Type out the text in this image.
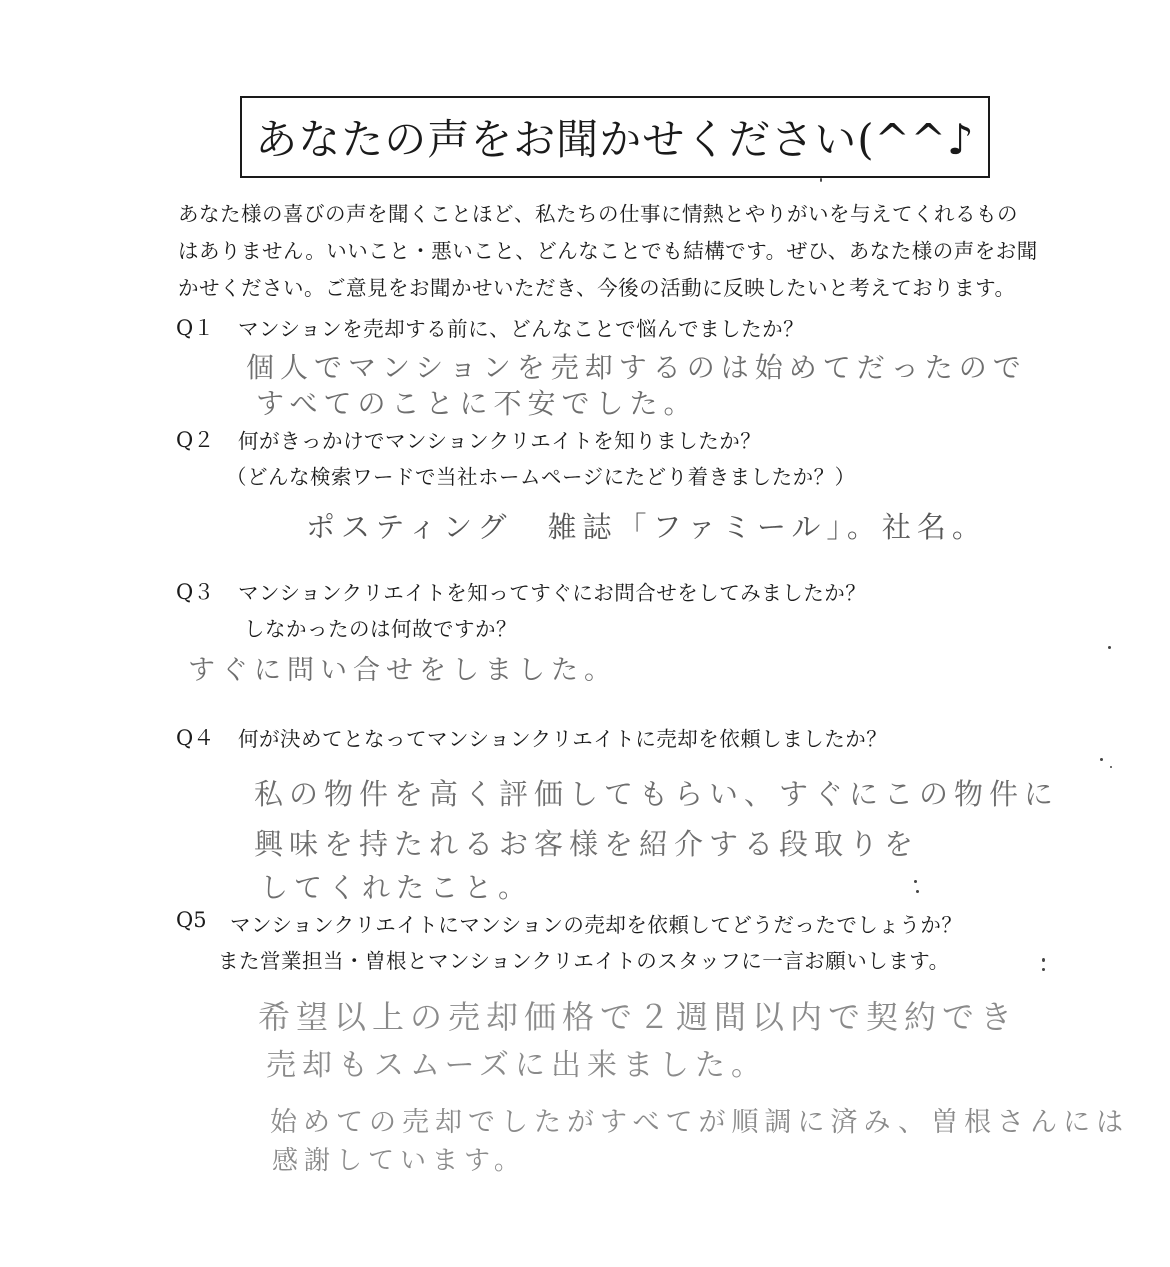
あなたの声をお聞かせください(^^♪

あなた様の喜びの声を聞くことほど、私たちの仕事に情熱とやりがいを与えてくれるもの

はありません。いいこと・悪いこと、どんなことでも結構です。ぜひ、あなた様の声をお聞

かせください。ご意見をお聞かせいただき、今後の活動に反映したいと考えております。

Q１ マンションを売却する前に、どんなことで悩んでましたか？
個人でマンションを売却するのは始めてだったので
すべてのことに不安でした。
Q２ 何がきっかけでマンションクリエイトを知りましたか？
（どんな検索ワードで当社ホームページにたどり着きましたか？）
ポスティング　雑誌「ファミール」。社名。
Q３ マンションクリエイトを知ってすぐにお問合せをしてみましたか？
しなかったのは何故ですか？
すぐに問い合せをしました。
Q４ 何が決めてとなってマンションクリエイトに売却を依頼しましたか？
私の物件を高く評価してもらい、すぐにこの物件に
興味を持たれるお客様を紹介する段取りを
してくれたこと。
Q5 マンションクリエイトにマンションの売却を依頼してどうだったでしょうか？
また営業担当・曽根とマンションクリエイトのスタッフに一言お願いします。
希望以上の売却価格で２週間以内で契約でき
売却もスムーズに出来ました。
始めての売却でしたがすべてが順調に済み、曽根さんには
感謝しています。
